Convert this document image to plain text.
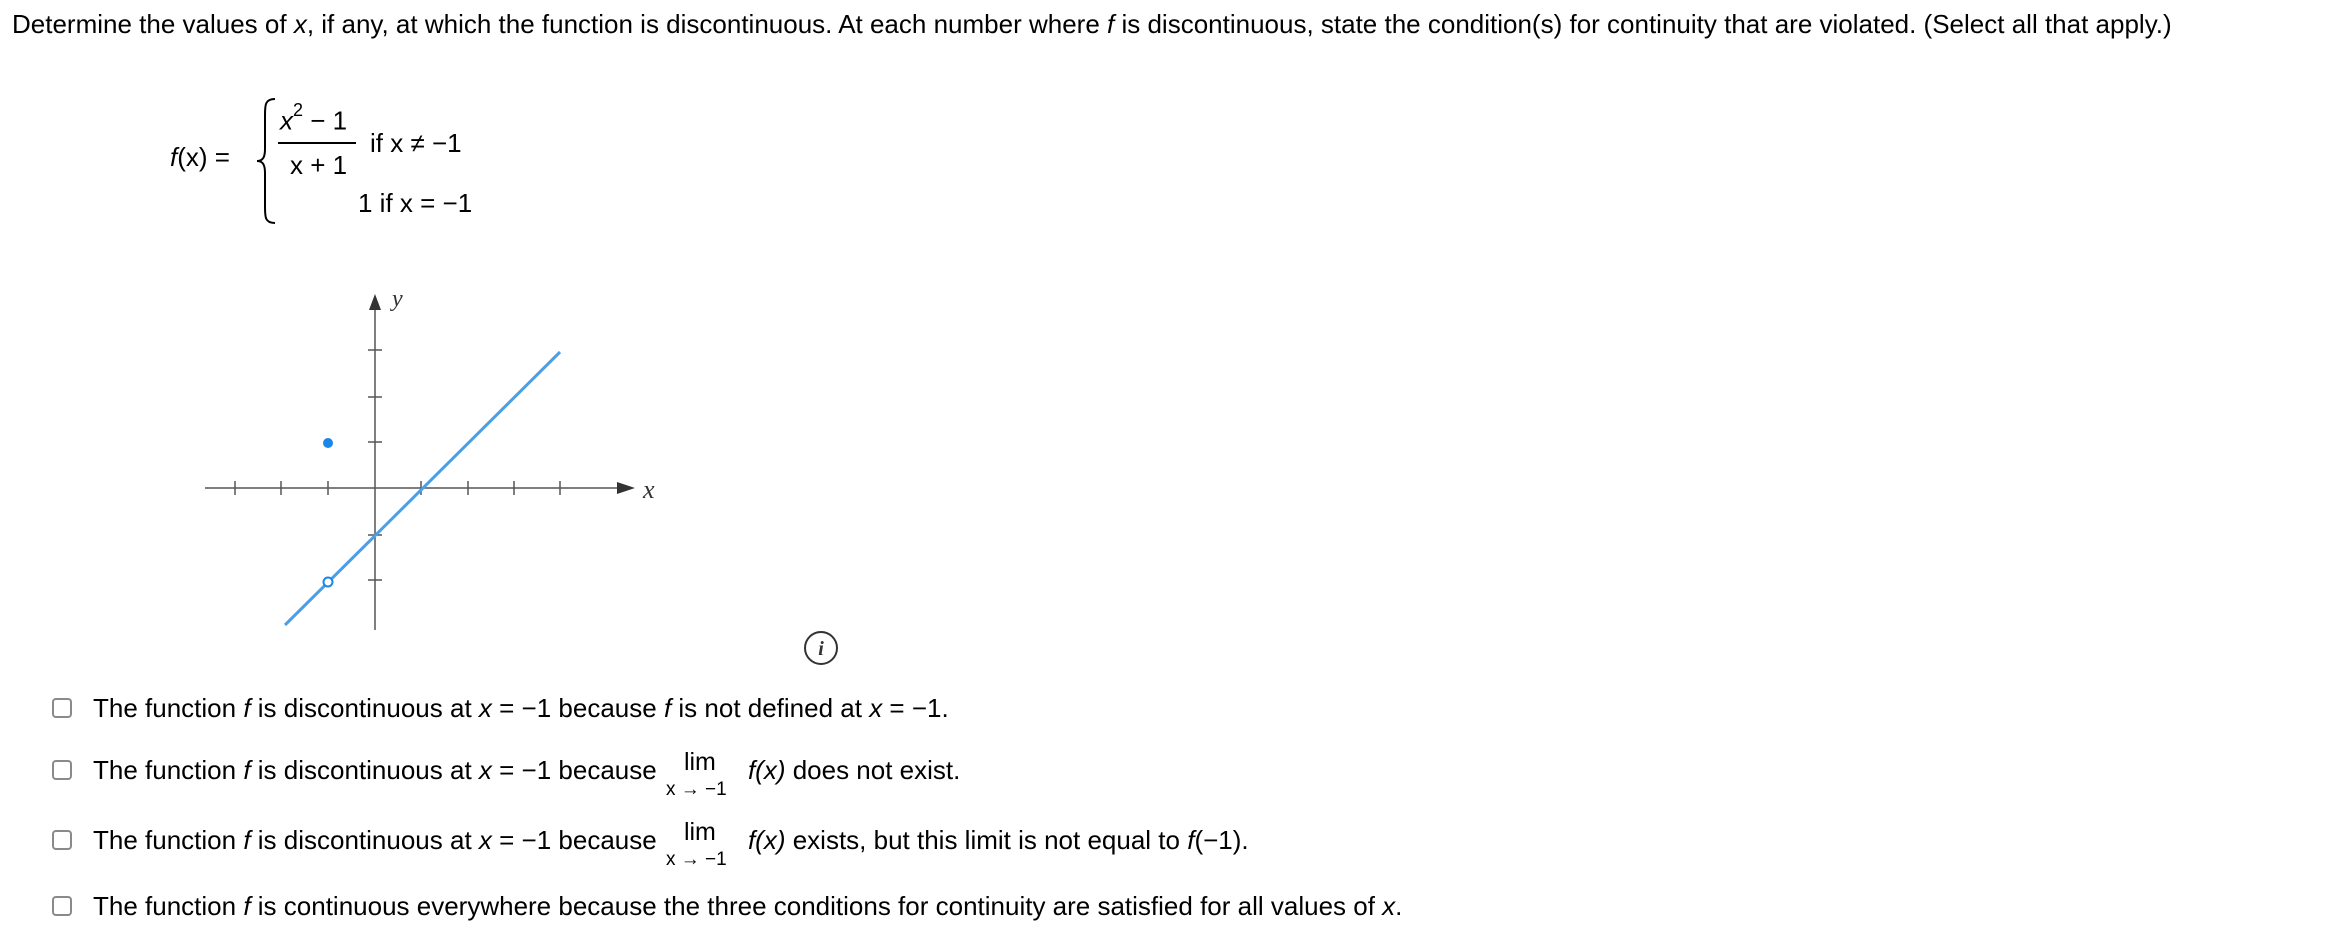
Determine the values of x, if any, at which the function is discontinuous. At each number where f is discontinuous, state the condition(s) for continuity that are violated. (Select all that apply.)
f(x) =
$x^2 - 1$
x + 1
if x ≠ −1
1 if x = −1
y
x
i
The function f is discontinuous at x = −1 because f is not defined at x = −1.
The function f is discontinuous at x = −1 because lim
x → −1
f(x) does not exist.
The function f is discontinuous at x = −1 because lim
x → −1
f(x) exists, but this limit is not equal to f(−1).
The function f is continuous everywhere because the three conditions for continuity are satisfied for all values of x.
